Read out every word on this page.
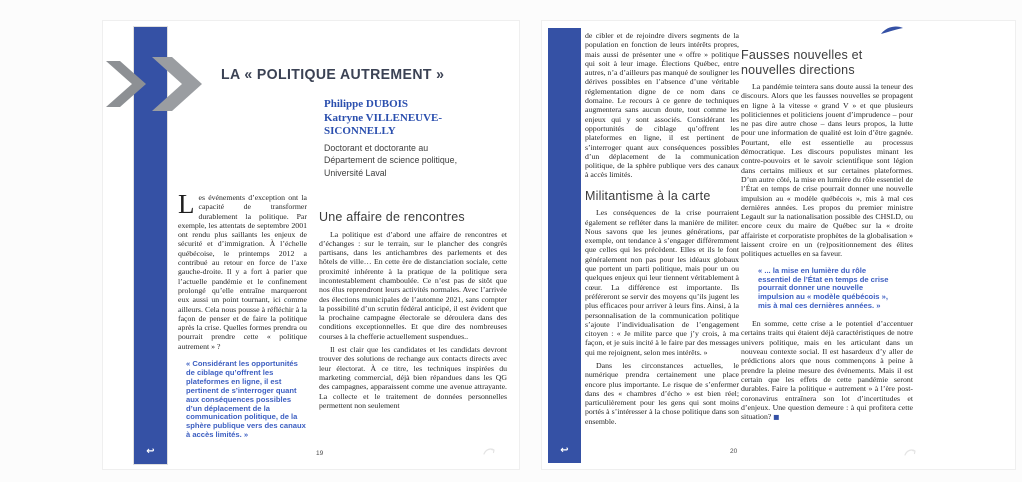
↩
LA « POLITIQUE AUTREMENT »
Philippe DUBOIS
Katryne VILLENEUVE-SICONNELLY
Doctorant et doctorante au Département de science politique, Université Laval

Les événements d’exception ont la capacité de transformer durablement la politique. Par exemple, les attentats de septembre 2001 ont rendu plus saillants les enjeux de sécurité et d’immigration. À l’échelle québécoise, le printemps 2012 a contribué au retour en force de l’axe gauche-droite. Il y a fort à parier que l’actuelle pandémie et le confinement prolongé qu’elle entraîne marqueront eux aussi un point tournant, ici comme ailleurs. Cela nous pousse à réfléchir à la façon de penser et de faire la politique après la crise. Quelles formes prendra ou pourrait prendre cette « politique autrement » ?

« Considérant les opportunités de ciblage qu’offrent les plateformes en ligne, il est pertinent de s’interroger quant aux conséquences possibles d’un déplacement de la communication politique, de la sphère publique vers des canaux à accès limités. »
Une affaire de rencontres

La politique est d’abord une affaire de rencontres et d’échanges : sur le terrain, sur le plancher des congrès partisans, dans les antichambres des parlements et des hôtels de ville… En cette ère de distanciation sociale, cette proximité inhérente à la pratique de la politique sera incontestablement chamboulée. Ce n’est pas de sitôt que nos élus reprendront leurs activités normales. Avec l’arrivée des élections municipales de l’automne 2021, sans compter la possibilité d’un scrutin fédéral anticipé, il est évident que la prochaine campagne électorale se déroulera dans des conditions exceptionnelles. Et que dire des nombreuses courses à la chefferie actuellement suspendues..

Il est clair que les candidates et les candidats devront trouver des solutions de rechange aux contacts directs avec leur électorat. À ce titre, les techniques inspirées du marketing commercial, déjà bien répandues dans les QG des campagnes, apparaissent comme une avenue attrayante. La collecte et le traitement de données personnelles permettent non seulement

19	↩

de cibler et de rejoindre divers segments de la population en fonction de leurs intérêts propres, mais aussi de présenter une « offre » politique qui soit à leur image. Élections Québec, entre autres, n’a d’ailleurs pas manqué de souligner les dérives possibles en l’absence d’une véritable réglementation digne de ce nom dans ce domaine. Le recours à ce genre de techniques augmentera sans aucun doute, tout comme les enjeux qui y sont associés. Considérant les opportunités de ciblage qu’offrent les plateformes en ligne, il est pertinent de s’interroger quant aux conséquences possibles d’un déplacement de la communication politique, de la sphère publique vers des canaux à accès limités.

Militantisme à la carte

Les conséquences de la crise pourraient également se refléter dans la manière de militer. Nous savons que les jeunes générations, par exemple, ont tendance à s’engager différemment que celles qui les précèdent. Elles et ils le font généralement non pas pour les idéaux globaux que portent un parti politique, mais pour un ou quelques enjeux qui leur tiennent véritablement à cœur. La différence est importante. Ils préféreront se servir des moyens qu’ils jugent les plus efficaces pour arriver à leurs fins. Ainsi, à la personnalisation de la communication politique s’ajoute l’individualisation de l’engagement citoyen : « Je milite parce que j’y crois, à ma façon, et je suis incité à le faire par des messages qui me rejoignent, selon mes intérêts. »

Dans les circonstances actuelles, le numérique prendra certainement une place encore plus importante. Le risque de s’enfermer dans des « chambres d’écho » est bien réel; particulièrement pour les gens qui sont moins portés à s’intéresser à la chose politique dans son ensemble.

Fausses nouvelles et nouvelles directions

La pandémie teintera sans doute aussi la teneur des discours. Alors que les fausses nouvelles se propagent en ligne à la vitesse « grand V » et que plusieurs politiciennes et politiciens jouent d’imprudence – pour ne pas dire autre chose – dans leurs propos, la lutte pour une information de qualité est loin d’être gagnée. Pourtant, elle est essentielle au processus démocratique. Les discours populistes minant les contre-pouvoirs et le savoir scientifique sont légion dans certains milieux et sur certaines plateformes. D’un autre côté, la mise en lumière du rôle essentiel de l’État en temps de crise pourrait donner une nouvelle impulsion au « modèle québécois », mis à mal ces dernières années. Les propos du premier ministre Legault sur la nationalisation possible des CHSLD, ou encore ceux du maire de Québec sur la « droite affairiste et corporatiste prophètes de la globalisation » laissent croire en un (re)positionnement des élites politiques actuelles en sa faveur.

« ... la mise en lumière du rôle essentiel de l’État en temps de crise pourrait donner une nouvelle impulsion au « modèle québécois », mis à mal ces dernières années. »

En somme, cette crise a le potentiel d’accentuer certains traits qui étaient déjà caractéristiques de notre univers politique, mais en les articulant dans un nouveau contexte social. Il est hasardeux d’y aller de prédictions alors que nous commençons à peine à prendre la pleine mesure des événements. Mais il est certain que les effets de cette pandémie seront durables. Faire la politique « autrement » à l’ère post-coronavirus entraînera son lot d’incertitudes et d’enjeux. Une question demeure : à qui profitera cette situation? ■

20
